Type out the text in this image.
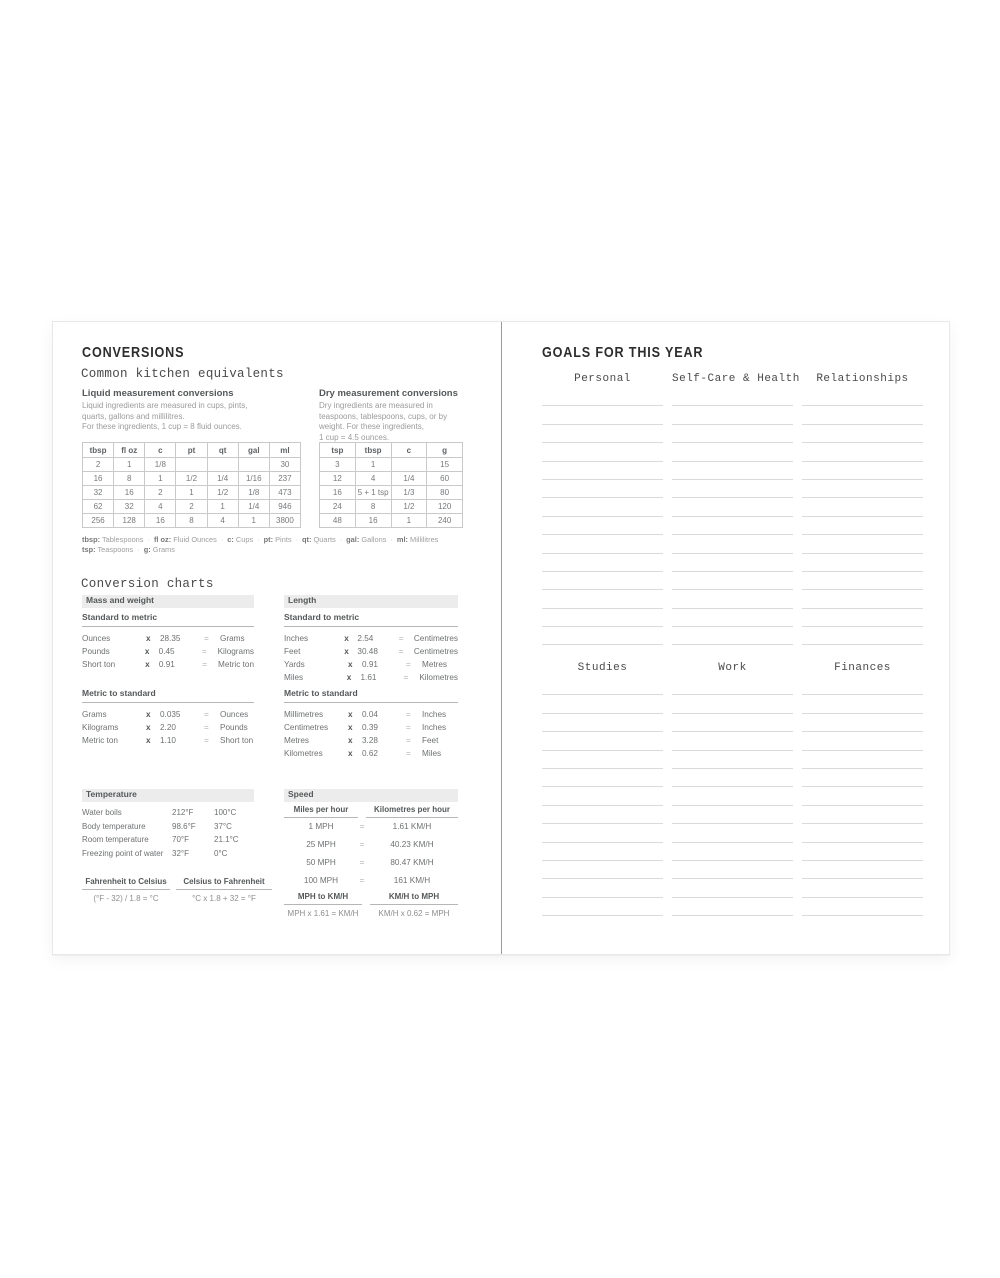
CONVERSIONS
Common kitchen equivalents
Liquid measurement conversions
Liquid ingredients are measured in cups, pints,
quarts, gallons and millilitres.
For these ingredients, 1 cup = 8 fluid ounces.
Dry measurement conversions
Dry ingredients are measured in
teaspoons, tablespoons, cups, or by
weight. For these ingredients,
1 cup = 4.5 ounces.
tbsp	fl oz	c	pt	qt	gal	ml
2	1	1/8				30
16	8	1	1/2	1/4	1/16	237
32	16	2	1	1/2	1/8	473
62	32	4	2	1	1/4	946
256	128	16	8	4	1	3800
tsp	tbsp	c	g
3	1		15
12	4	1/4	60
16	5 + 1 tsp	1/3	80
24	8	1/2	120
48	16	1	240
tbsp: Tablespoons · fl oz: Fluid Ounces · c: Cups · pt: Pints · qt: Quarts · gal: Gallons · ml: Millilitres
tsp: Teaspoons · g: Grams
Conversion charts
Mass and weight
Standard to metric
Ounces	x	28.35	=	Grams
Pounds	x	0.45	=	Kilograms
Short ton	x	0.91	=	Metric ton
Metric to standard
Grams	x	0.035	=	Ounces
Kilograms	x	2.20	=	Pounds
Metric ton	x	1.10	=	Short ton
Length
Standard to metric
Inches	x	2.54	=	Centimetres
Feet	x	30.48	=	Centimetres
Yards	x	0.91	=	Metres
Miles	x	1.61	=	Kilometres
Metric to standard
Millimetres	x	0.04	=	Inches
Centimetres	x	0.39	=	Inches
Metres	x	3.28	=	Feet
Kilometres	x	0.62	=	Miles
Temperature
Water boils	212°F	100°C
Body temperature	98.6°F	37°C
Room temperature	70°F	21.1°C
Freezing point of water	32°F	0°C
Fahrenheit to Celsius
(°F - 32) / 1.8 = °C
Celsius to Fahrenheit
°C x 1.8 + 32 = °F
Speed
Miles per hour	Kilometres per hour
1 MPH	=	1.61 KM/H
25 MPH	=	40.23 KM/H
50 MPH	=	80.47 KM/H
100 MPH	=	161 KM/H
MPH to KM/H
MPH x 1.61 = KM/H
KM/H to MPH
KM/H x 0.62 = MPH
GOALS FOR THIS YEAR
Personal	Self-Care & Health	Relationships
Studies	Work	Finances
